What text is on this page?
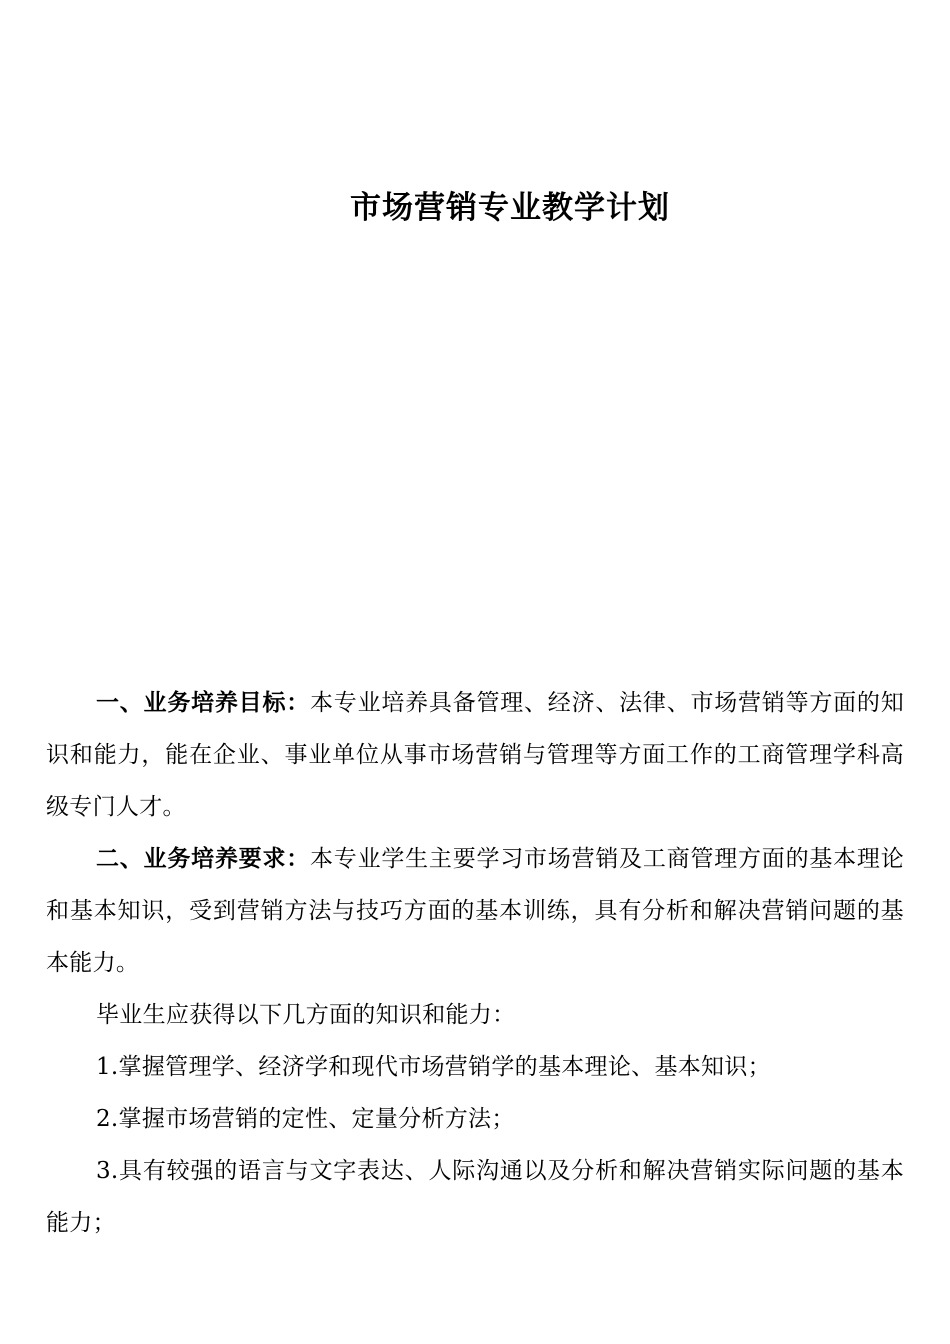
市场营销专业教学计划

一、业务培养目标：本专业培养具备管理、经济、法律、市场营销等方面的知识和能力，能在企业、事业单位从事市场营销与管理等方面工作的工商管理学科高级专门人才。

二、业务培养要求：本专业学生主要学习市场营销及工商管理方面的基本理论和基本知识，受到营销方法与技巧方面的基本训练，具有分析和解决营销问题的基本能力。

毕业生应获得以下几方面的知识和能力：

1.掌握管理学、经济学和现代市场营销学的基本理论、基本知识；

2.掌握市场营销的定性、定量分析方法；

3.具有较强的语言与文字表达、人际沟通以及分析和解决营销实际问题的基本能力；
